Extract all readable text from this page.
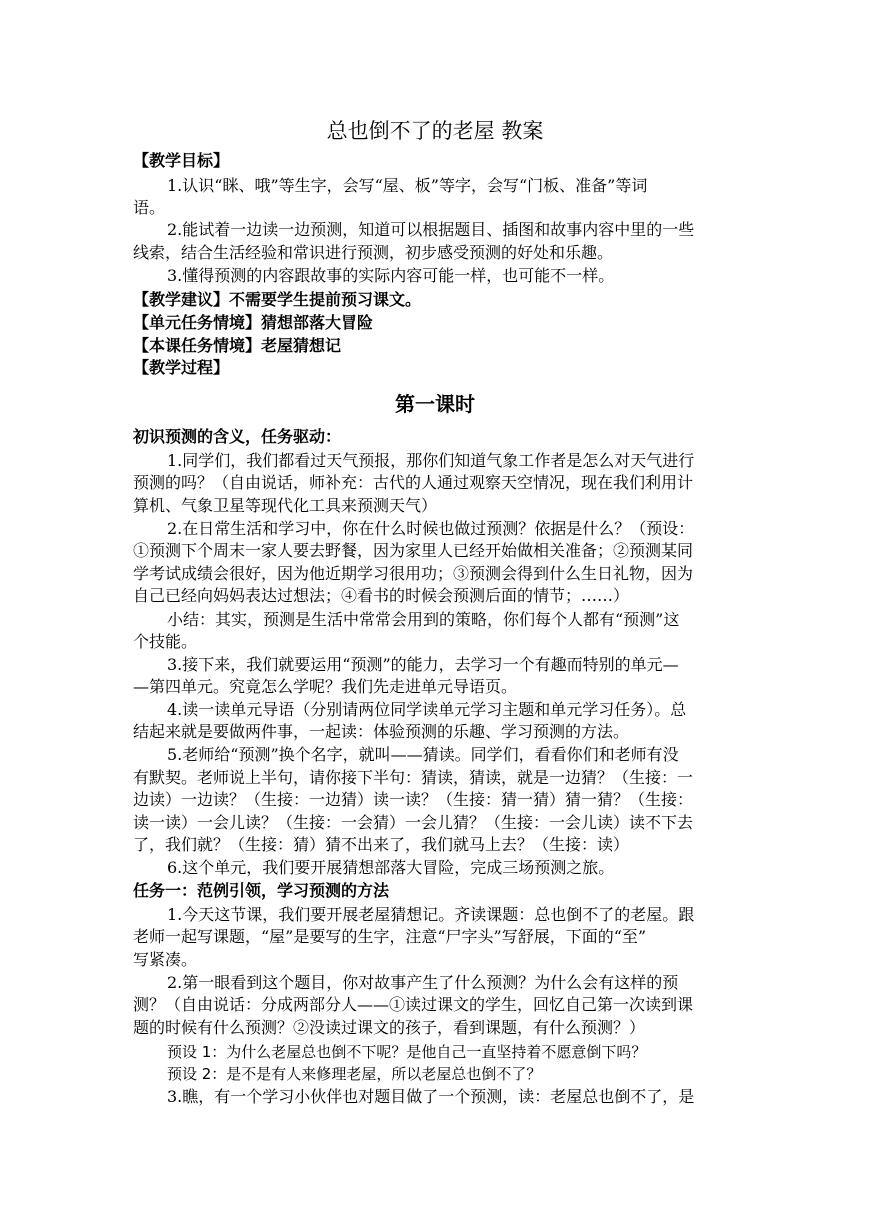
总也倒不了的老屋 教案
【教学目标】
1.认识“眯、哦”等生字，会写“屋、板”等字，会写“门板、准备”等词
语。
2.能试着一边读一边预测，知道可以根据题目、插图和故事内容中里的一些
线索，结合生活经验和常识进行预测，初步感受预测的好处和乐趣。
3.懂得预测的内容跟故事的实际内容可能一样，也可能不一样。
【教学建议】不需要学生提前预习课文。
【单元任务情境】猜想部落大冒险
【本课任务情境】老屋猜想记
【教学过程】
第一课时
初识预测的含义，任务驱动：
1.同学们，我们都看过天气预报，那你们知道气象工作者是怎么对天气进行
预测的吗？（自由说话，师补充：古代的人通过观察天空情况，现在我们利用计
算机、气象卫星等现代化工具来预测天气）
2.在日常生活和学习中，你在什么时候也做过预测？依据是什么？（预设：
①预测下个周末一家人要去野餐，因为家里人已经开始做相关准备；②预测某同
学考试成绩会很好，因为他近期学习很用功；③预测会得到什么生日礼物，因为
自己已经向妈妈表达过想法；④看书的时候会预测后面的情节；……）
小结：其实，预测是生活中常常会用到的策略，你们每个人都有“预测”这
个技能。
3.接下来，我们就要运用“预测”的能力，去学习一个有趣而特别的单元—
—第四单元。究竟怎么学呢？我们先走进单元导语页。
4.读一读单元导语（分别请两位同学读单元学习主题和单元学习任务）。总
结起来就是要做两件事，一起读：体验预测的乐趣、学习预测的方法。
5.老师给“预测”换个名字，就叫——猜读。同学们，看看你们和老师有没
有默契。老师说上半句，请你接下半句：猜读，猜读，就是一边猜？（生接：一
边读）一边读？（生接：一边猜）读一读？（生接：猜一猜）猜一猜？（生接：
读一读）一会儿读？（生接：一会猜）一会儿猜？（生接：一会儿读）读不下去
了，我们就？（生接：猜）猜不出来了，我们就马上去？（生接：读）
6.这个单元，我们要开展猜想部落大冒险，完成三场预测之旅。
任务一：范例引领，学习预测的方法
1.今天这节课，我们要开展老屋猜想记。齐读课题：总也倒不了的老屋。跟
老师一起写课题，“屋”是要写的生字，注意“尸字头”写舒展，下面的“至”
写紧凑。
2.第一眼看到这个题目，你对故事产生了什么预测？为什么会有这样的预
测？（自由说话：分成两部分人——①读过课文的学生，回忆自己第一次读到课
题的时候有什么预测？②没读过课文的孩子，看到课题，有什么预测？）
预设 1：为什么老屋总也倒不下呢？是他自己一直坚持着不愿意倒下吗？
预设 2：是不是有人来修理老屋，所以老屋总也倒不了？
3.瞧，有一个学习小伙伴也对题目做了一个预测，读：老屋总也倒不了，是
